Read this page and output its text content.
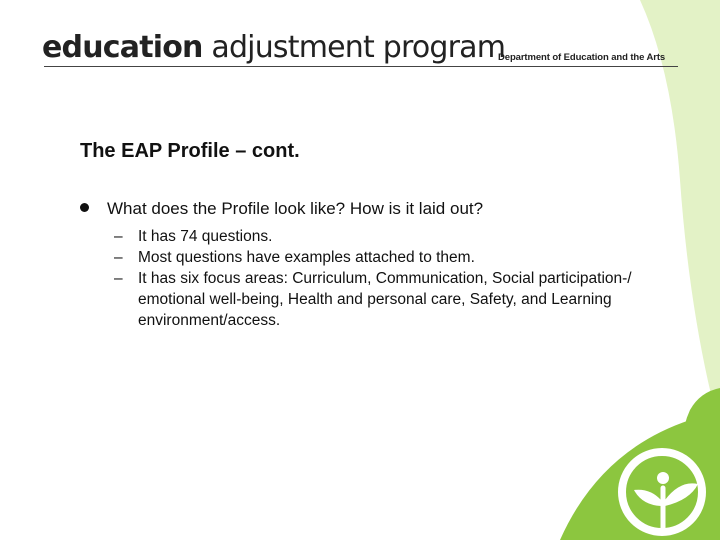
education adjustment program
Department of Education and the Arts
The EAP Profile – cont.
What does the Profile look like? How is it laid out?
– It has 74 questions.
– Most questions have examples attached to them.
– It has six focus areas: Curriculum, Communication, Social participation-/ emotional well-being, Health and personal care, Safety, and Learning environment/access.
